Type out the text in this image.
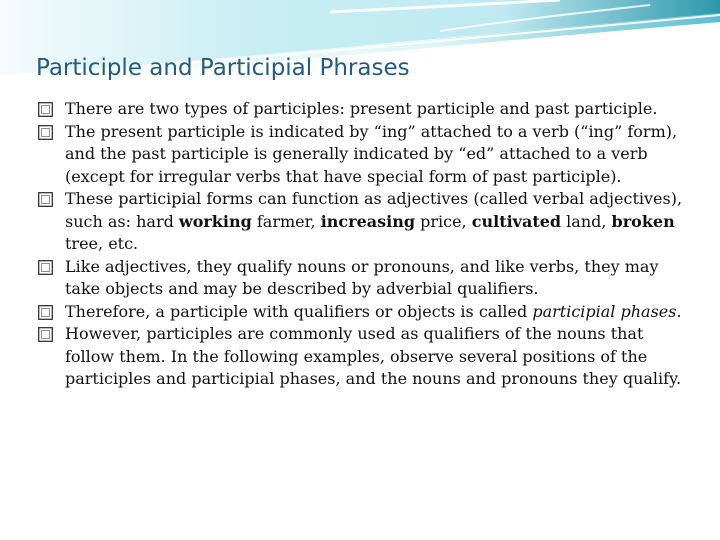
Participle and Participial Phrases
There are two types of participles: present participle and past participle.
The present participle is indicated by “ing” attached to a verb (“ing” form), and the past participle is generally indicated by “ed” attached to a verb (except for irregular verbs that have special form of past participle).
These participial forms can function as adjectives (called verbal adjectives), such as: hard working farmer, increasing price, cultivated land, broken tree, etc.
Like adjectives, they qualify nouns or pronouns, and like verbs, they may take objects and may be described by adverbial qualifiers.
Therefore, a participle with qualifiers or objects is called participial phases.
However, participles are commonly used as qualifiers of the nouns that follow them. In the following examples, observe several positions of the participles and participial phases, and the nouns and pronouns they qualify.
